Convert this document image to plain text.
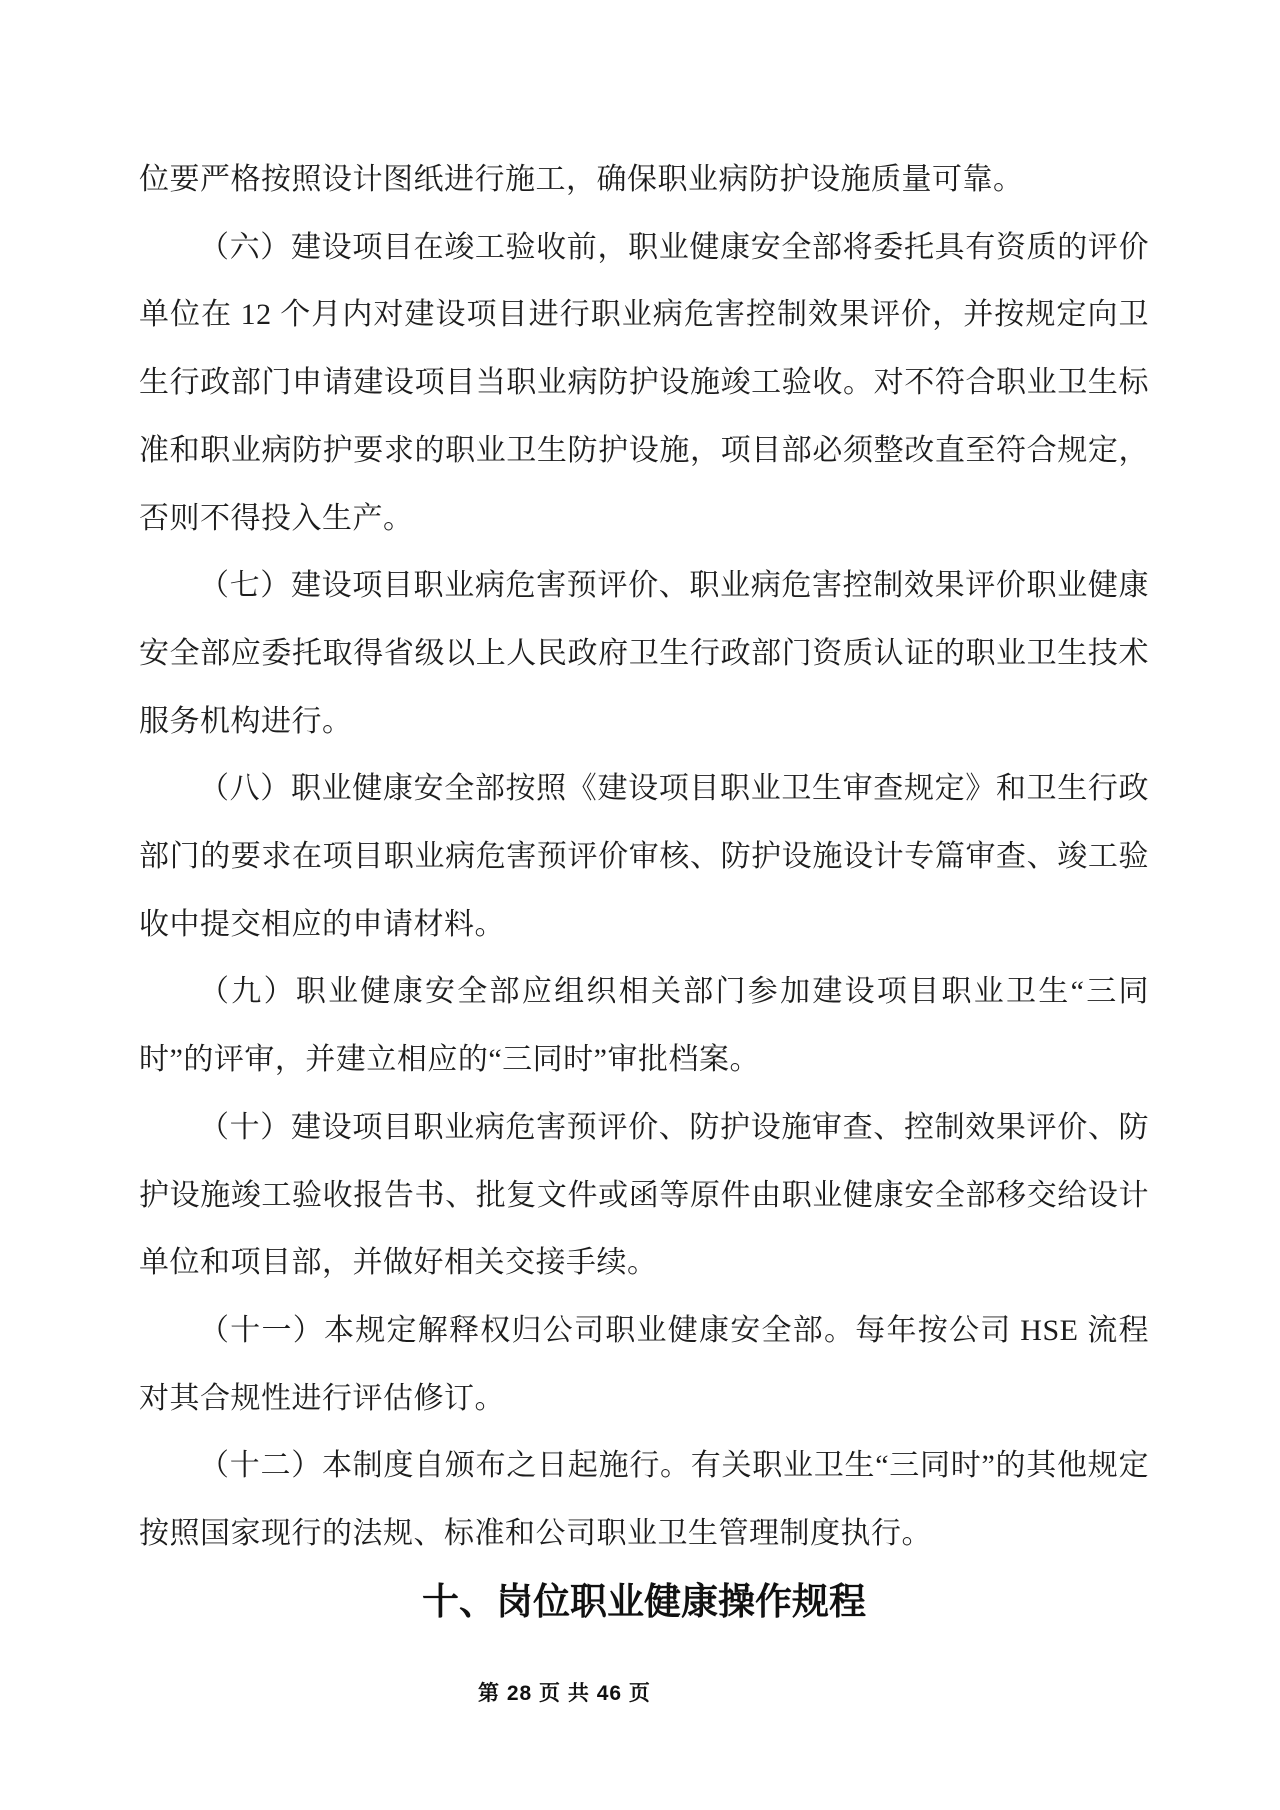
位要严格按照设计图纸进行施工，确保职业病防护设施质量可靠。

（六）建设项目在竣工验收前，职业健康安全部将委托具有资质的评价单位在 12 个月内对建设项目进行职业病危害控制效果评价，并按规定向卫生行政部门申请建设项目当职业病防护设施竣工验收。对不符合职业卫生标准和职业病防护要求的职业卫生防护设施，项目部必须整改直至符合规定，否则不得投入生产。

（七）建设项目职业病危害预评价、职业病危害控制效果评价职业健康安全部应委托取得省级以上人民政府卫生行政部门资质认证的职业卫生技术服务机构进行。

（八）职业健康安全部按照《建设项目职业卫生审查规定》和卫生行政部门的要求在项目职业病危害预评价审核、防护设施设计专篇审查、竣工验收中提交相应的申请材料。

（九）职业健康安全部应组织相关部门参加建设项目职业卫生“三同时”的评审，并建立相应的“三同时”审批档案。

（十）建设项目职业病危害预评价、防护设施审查、控制效果评价、防护设施竣工验收报告书、批复文件或函等原件由职业健康安全部移交给设计单位和项目部，并做好相关交接手续。

（十一）本规定解释权归公司职业健康安全部。每年按公司 HSE 流程对其合规性进行评估修订。

（十二）本制度自颁布之日起施行。有关职业卫生“三同时”的其他规定按照国家现行的法规、标准和公司职业卫生管理制度执行。

十、岗位职业健康操作规程
第 28 页 共 46 页
